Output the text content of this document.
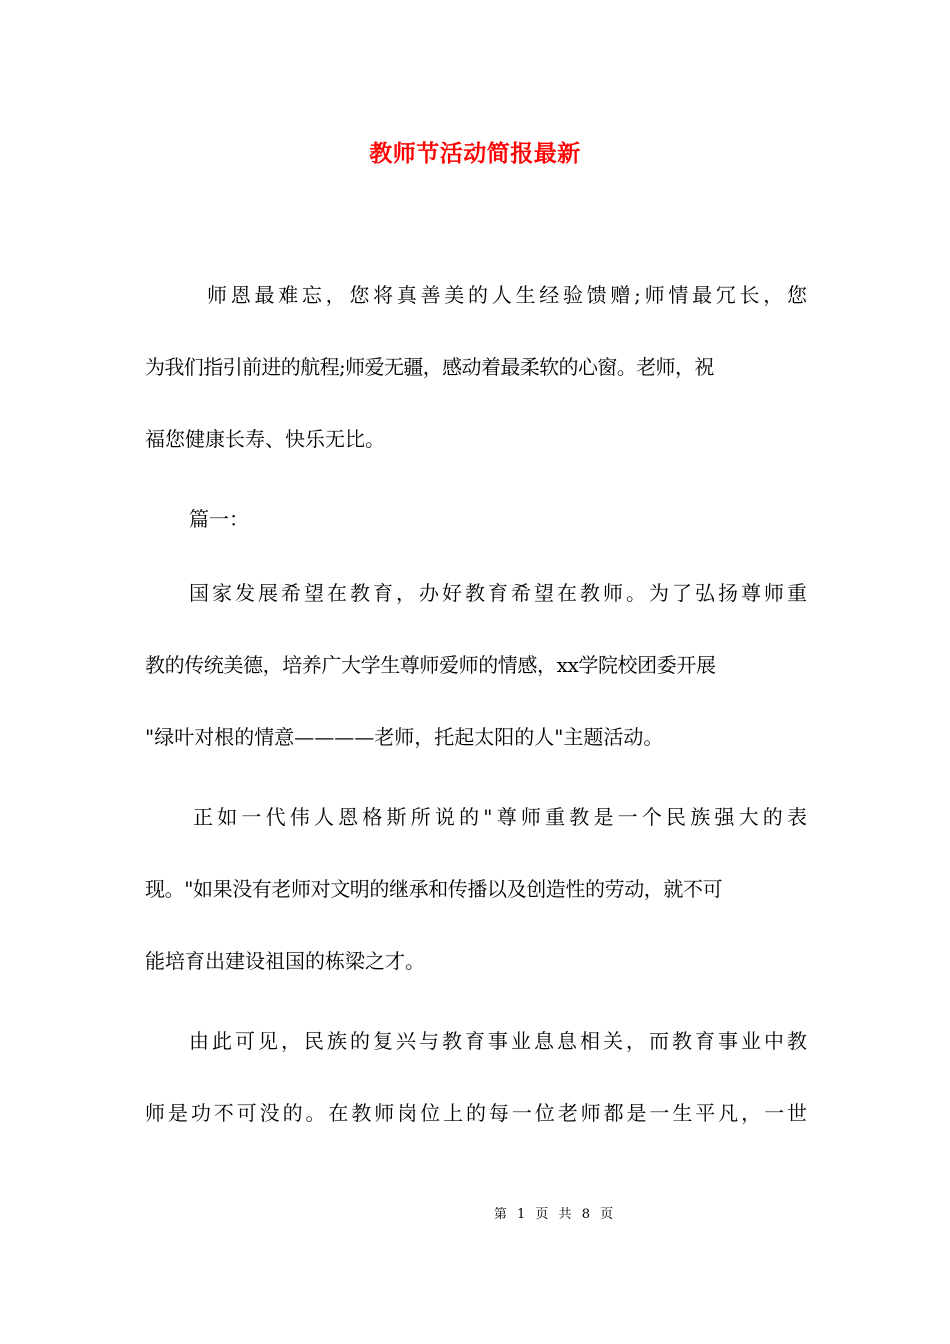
教师节活动简报最新
师恩最难忘，您将真善美的人生经验馈赠;师情最冗长，您
为我们指引前进的航程;师爱无疆，感动着最柔软的心窗。老师，祝
福您健康长寿、快乐无比。
篇一：
国家发展希望在教育，办好教育希望在教师。为了弘扬尊师重
教的传统美德，培养广大学生尊师爱师的情感，xx学院校团委开展
"绿叶对根的情意————老师，托起太阳的人"主题活动。
正如一代伟人恩格斯所说的"尊师重教是一个民族强大的表
现。"如果没有老师对文明的继承和传播以及创造性的劳动，就不可
能培育出建设祖国的栋梁之才。
由此可见，民族的复兴与教育事业息息相关，而教育事业中教
师是功不可没的。在教师岗位上的每一位老师都是一生平凡，一世
第 1 页 共 8 页
